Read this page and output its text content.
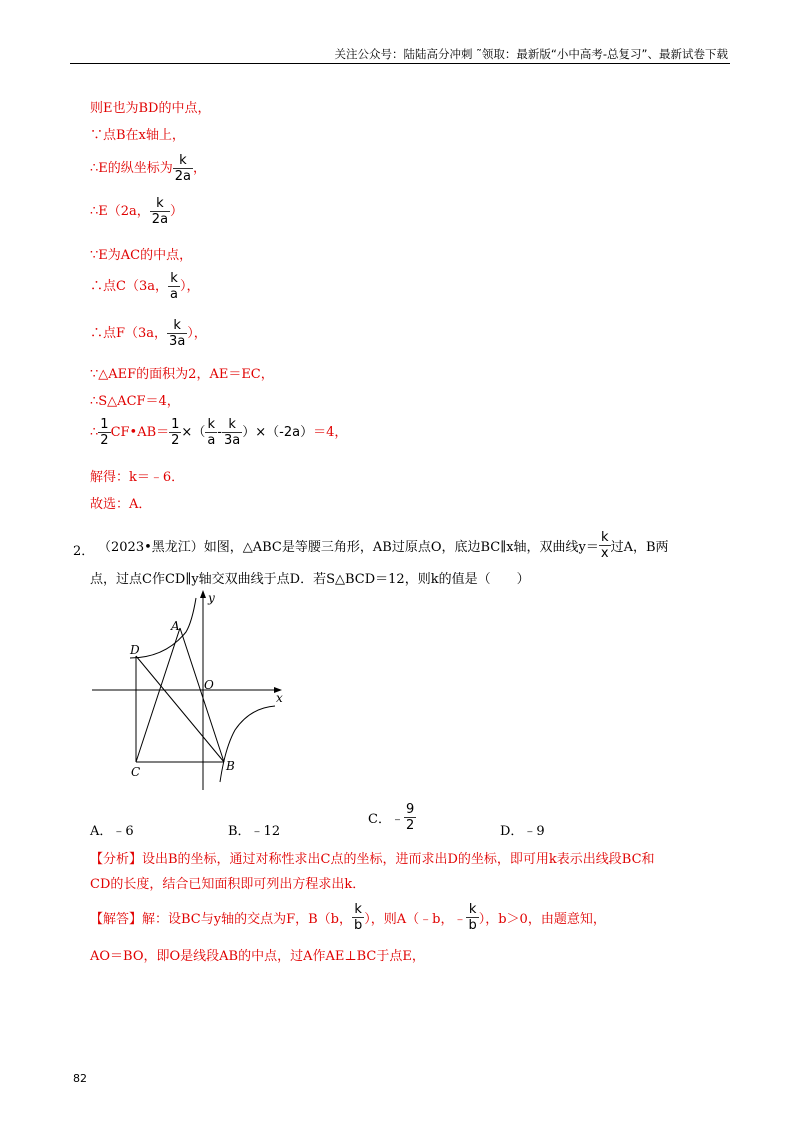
关注公众号：陆陆高分冲刺 ˜领取：最新版“小中高考-总复习”、最新试卷下载
则E也为BD的中点，
∵点B在x轴上，
∴E的纵坐标为 $\frac{k}{2a}$ ，
∴E（2a， $\frac{k}{2a}$ ）
∵E为AC的中点，
∴点C（3a， $\frac{k}{a}$ ），
∴点F（3a， $\frac{k}{3a}$ ），
∵△AEF的面积为2，AE＝EC，
∴S△ACF＝4，
∴ $\frac{1}{2}$ CF•AB＝ $\frac{1}{2}$ ×（ $\frac{k}{a} - \frac{k}{3a} )\times(-2a)=4$，
解得：k＝﹣6．
故选：A．
2． （2023•黑龙江）如图，△ABC是等腰三角形，AB过原点O，底边BC∥x轴，双曲线$y= \frac{k}{x}$ 过A，B两
点，过点C作CD∥y轴交双曲线于点D．若S△BCD＝12，则k的值是（　　）
y
x
A
D
O
C	B
A．﹣6	B．﹣12
C．﹣ $\frac{9}{2}$	D．﹣9
【分析】设出B的坐标，通过对称性求出C点的坐标，进而求出D的坐标，即可用k表示出线段BC和
CD的长度，结合已知面积即可列出方程求出k．
【解答】解：设BC与y轴的交点为F，B（b， $\frac{k}{b}$ ），则A（﹣b，﹣ $\frac{k}{b}$ ），b＞0，由题意知，
AO＝BO，即O是线段AB的中点，过A作AE⊥BC于点E，
82
